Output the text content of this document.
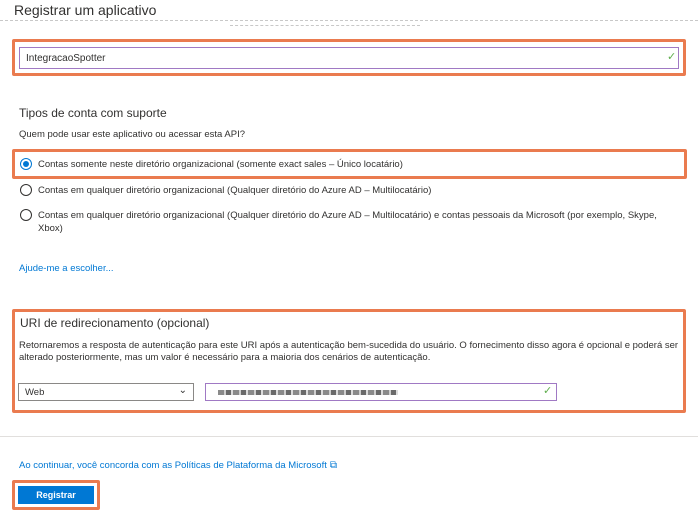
Registrar um aplicativo
IntegracaoSpotter	✓
Tipos de conta com suporte
Quem pode usar este aplicativo ou acessar esta API?
Contas somente neste diretório organizacional (somente exact sales – Único locatário)
Contas em qualquer diretório organizacional (Qualquer diretório do Azure AD – Multilocatário)
Contas em qualquer diretório organizacional (Qualquer diretório do Azure AD – Multilocatário) e contas pessoais da Microsoft (por exemplo, Skype, Xbox)
Ajude-me a escolher...
URI de redirecionamento (opcional)
Retornaremos a resposta de autenticação para este URI após a autenticação bem-sucedida do usuário. O fornecimento disso agora é opcional e poderá ser alterado posteriormente, mas um valor é necessário para a maioria dos cenários de autenticação.
Web	⌄	✓
Ao continuar, você concorda com as Políticas de Plataforma da Microsoft ⧉
Registrar
